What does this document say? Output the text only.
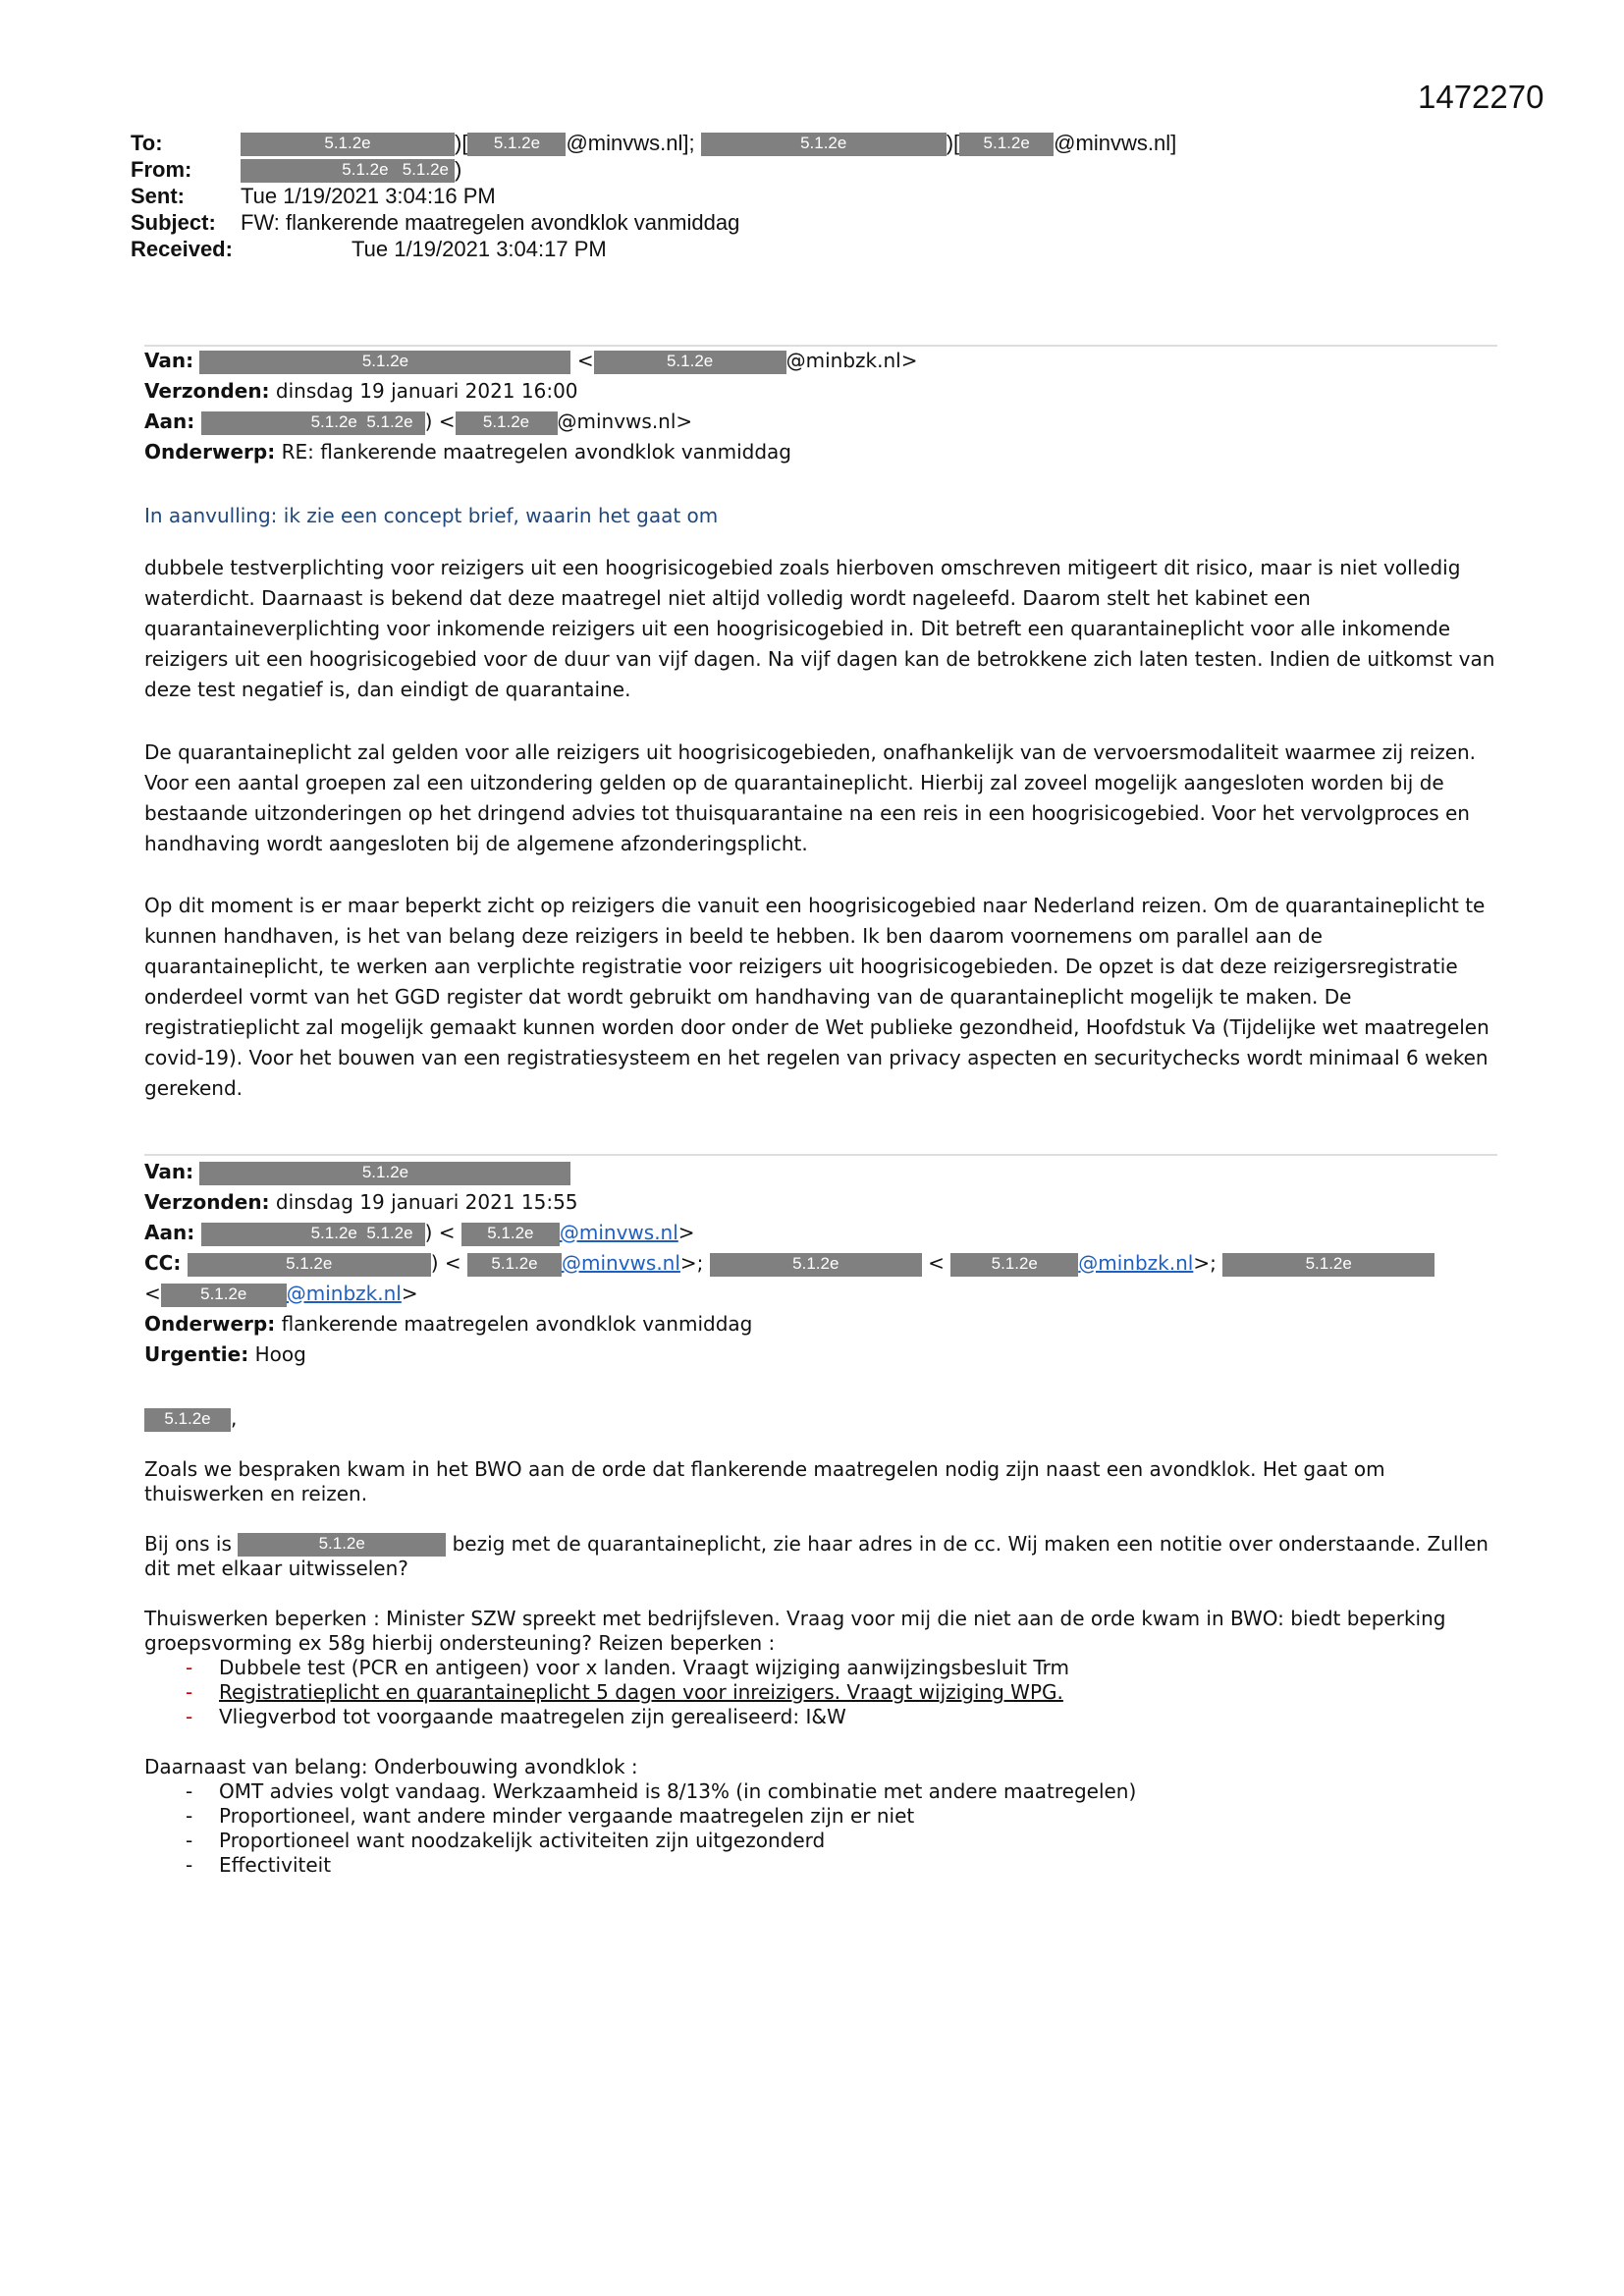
1472270
To:	5.1.2e	)[ 5.1.2e @minvws.nl];	5.1.2e	)[ 5.1.2e @minvws.nl]
From:	5.1.2e 5.1.2e )
Sent:	Tue 1/19/2021 3:04:16 PM
Subject: FW: flankerende maatregelen avondklok vanmiddag
Received:	Tue 1/19/2021 3:04:17 PM
Van:	5.1.2e	<	5.1.2e	@minbzk.nl>
Verzonden: dinsdag 19 januari 2021 16:00
Aan:	5.1.2e 5.1.2e ) < 5.1.2e @minvws.nl>
Onderwerp: RE: flankerende maatregelen avondklok vanmiddag
In aanvulling: ik zie een concept brief, waarin het gaat om
dubbele testverplichting voor reizigers uit een hoogrisicogebied zoals hierboven omschreven mitigeert dit risico, maar is niet volledig waterdicht. Daarnaast is bekend dat deze maatregel niet altijd volledig wordt nageleefd. Daarom stelt het kabinet een quarantaineverplichting voor inkomende reizigers uit een hoogrisicogebied in. Dit betreft een quarantaineplicht voor alle inkomende reizigers uit een hoogrisicogebied voor de duur van vijf dagen. Na vijf dagen kan de betrokkene zich laten testen. Indien de uitkomst van deze test negatief is, dan eindigt de quarantaine.
De quarantaineplicht zal gelden voor alle reizigers uit hoogrisicogebieden, onafhankelijk van de vervoersmodaliteit waarmee zij reizen. Voor een aantal groepen zal een uitzondering gelden op de quarantaineplicht. Hierbij zal zoveel mogelijk aangesloten worden bij de bestaande uitzonderingen op het dringend advies tot thuisquarantaine na een reis in een hoogrisicogebied. Voor het vervolgproces en handhaving wordt aangesloten bij de algemene afzonderingsplicht.
Op dit moment is er maar beperkt zicht op reizigers die vanuit een hoogrisicogebied naar Nederland reizen. Om de quarantaineplicht te kunnen handhaven, is het van belang deze reizigers in beeld te hebben. Ik ben daarom voornemens om parallel aan de quarantaineplicht, te werken aan verplichte registratie voor reizigers uit hoogrisicogebieden. De opzet is dat deze reizigersregistratie onderdeel vormt van het GGD register dat wordt gebruikt om handhaving van de quarantaineplicht mogelijk te maken. De registratieplicht zal mogelijk gemaakt kunnen worden door onder de Wet publieke gezondheid, Hoofdstuk Va (Tijdelijke wet maatregelen covid-19). Voor het bouwen van een registratiesysteem en het regelen van privacy aspecten en securitychecks wordt minimaal 6 weken gerekend.
Van:	5.1.2e
Verzonden: dinsdag 19 januari 2021 15:55
Aan:	5.1.2e 5.1.2e ) < 5.1.2e @minvws.nl>
CC:	5.1.2e	) < 5.1.2e @minvws.nl>;	5.1.2e	< 5.1.2e @minbzk.nl>;	5.1.2e
< 5.1.2e @minbzk.nl>
Onderwerp: flankerende maatregelen avondklok vanmiddag
Urgentie: Hoog

5.1.2e ,

Zoals we bespraken kwam in het BWO aan de orde dat flankerende maatregelen nodig zijn naast een avondklok. Het gaat om thuiswerken en reizen.

Bij ons is	5.1.2e	bezig met de quarantaineplicht, zie haar adres in de cc. Wij maken een notitie over onderstaande. Zullen dit met elkaar uitwisselen?

Thuiswerken beperken : Minister SZW spreekt met bedrijfsleven. Vraag voor mij die niet aan de orde kwam in BWO: biedt beperking groepsvorming ex 58g hierbij ondersteuning? Reizen beperken :

- Dubbele test (PCR en antigeen) voor x landen. Vraagt wijziging aanwijzingsbesluit Trm
- Registratieplicht en quarantaineplicht 5 dagen voor inreizigers. Vraagt wijziging WPG.
- Vliegverbod tot voorgaande maatregelen zijn gerealiseerd: I&W

Daarnaast van belang: Onderbouwing avondklok :

- OMT advies volgt vandaag. Werkzaamheid is 8/13% (in combinatie met andere maatregelen)
- Proportioneel, want andere minder vergaande maatregelen zijn er niet
- Proportioneel want noodzakelijk activiteiten zijn uitgezonderd
- Effectiviteit
